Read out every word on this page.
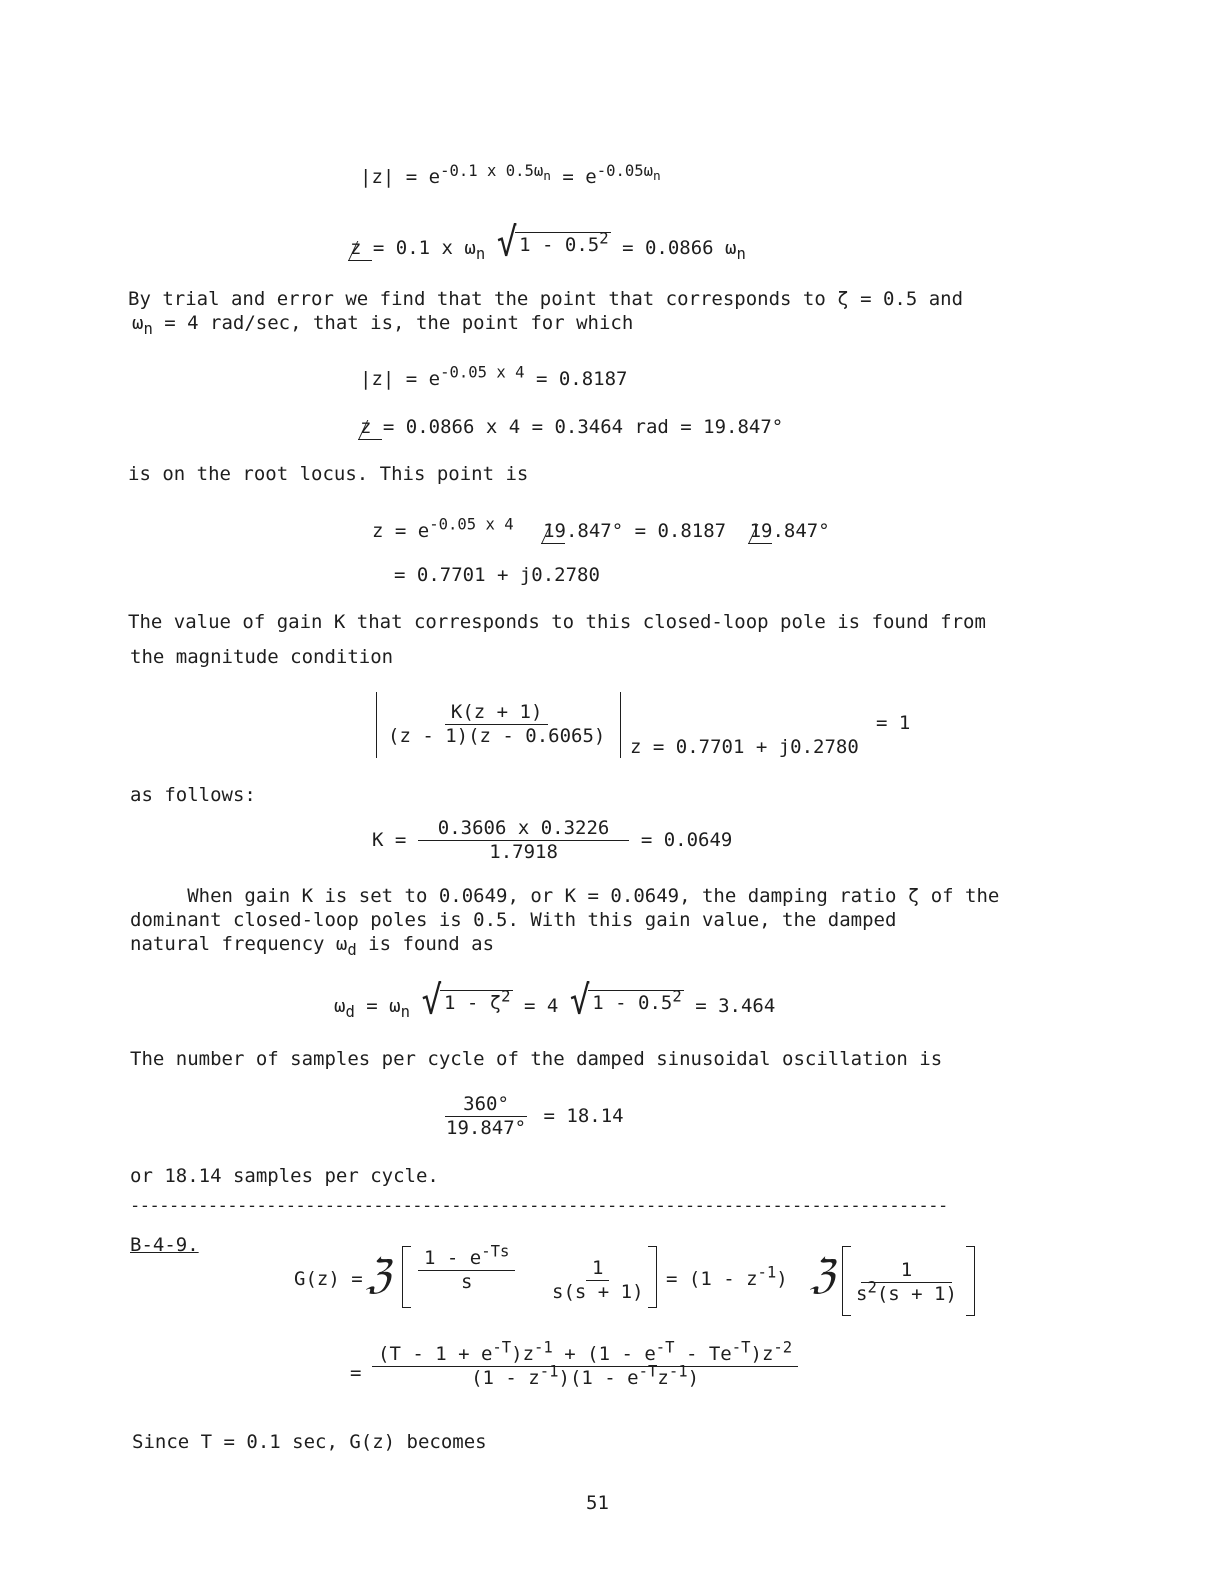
$|z| = e^{-0.1 x 0.5\omega_n} = e^{-0.05\omega_n}$
z = 0.1 x $\omega_n$ √ $1 - 0.5^2 = 0.0866$ $\omega_n$
By trial and error we find that the point that corresponds to ζ = 0.5 and
$\omega_n = 4$ rad/sec, that is, the point for which
$|z| = e^{-0.05 x 4} = 0.8187$
z = 0.0866 x 4 = 0.3464 rad = 19.847°
is on the root locus. This point is
$z = e^{-0.05 x 4}$ 19.847° = 0.8187 19.847°
= 0.7701 + j0.2780
The value of gain K that corresponds to this closed-loop pole is found from
the magnitude condition
$\frac{K(z + 1)}{(z - 1)(z - 0.6065)}$
z = 0.7701 + j0.2780
= 1
as follows:
$K = \frac{0.3606 x 0.3226}{1.7918} = 0.0649$
When gain K is set to 0.0649, or K = 0.0649, the damping ratio ζ of the
dominant closed-loop poles is 0.5. With this gain value, the damped
natural frequency $\omega_d$ is found as
$\omega_d = \omega_n$ √ $1 - \zeta^2 = 4$ √ $1 - 0.5^2 = 3.464$
The number of samples per cycle of the damped sinusoidal oscillation is
$\frac{360^\circ}{19.847^\circ} = 18.14$
or 18.14 samples per cycle.
------------------------------------------------------------------------------------
B-4-9.
G(z) = ℨ $\frac{1 - e^{-Ts}}{s} \frac{1}{s(s + 1)} = (1 - z^{-1})$ ℨ $\frac{1}{s^2(s + 1)}$
= $\frac{(T - 1 + e^{-T})z^{-1} + (1 - e^{-T} - Te^{-T})z^{-2}}{(1 - z^{-1})(1 - e^{-T}z^{-1})}$
Since T = 0.1 sec, G(z) becomes
51
